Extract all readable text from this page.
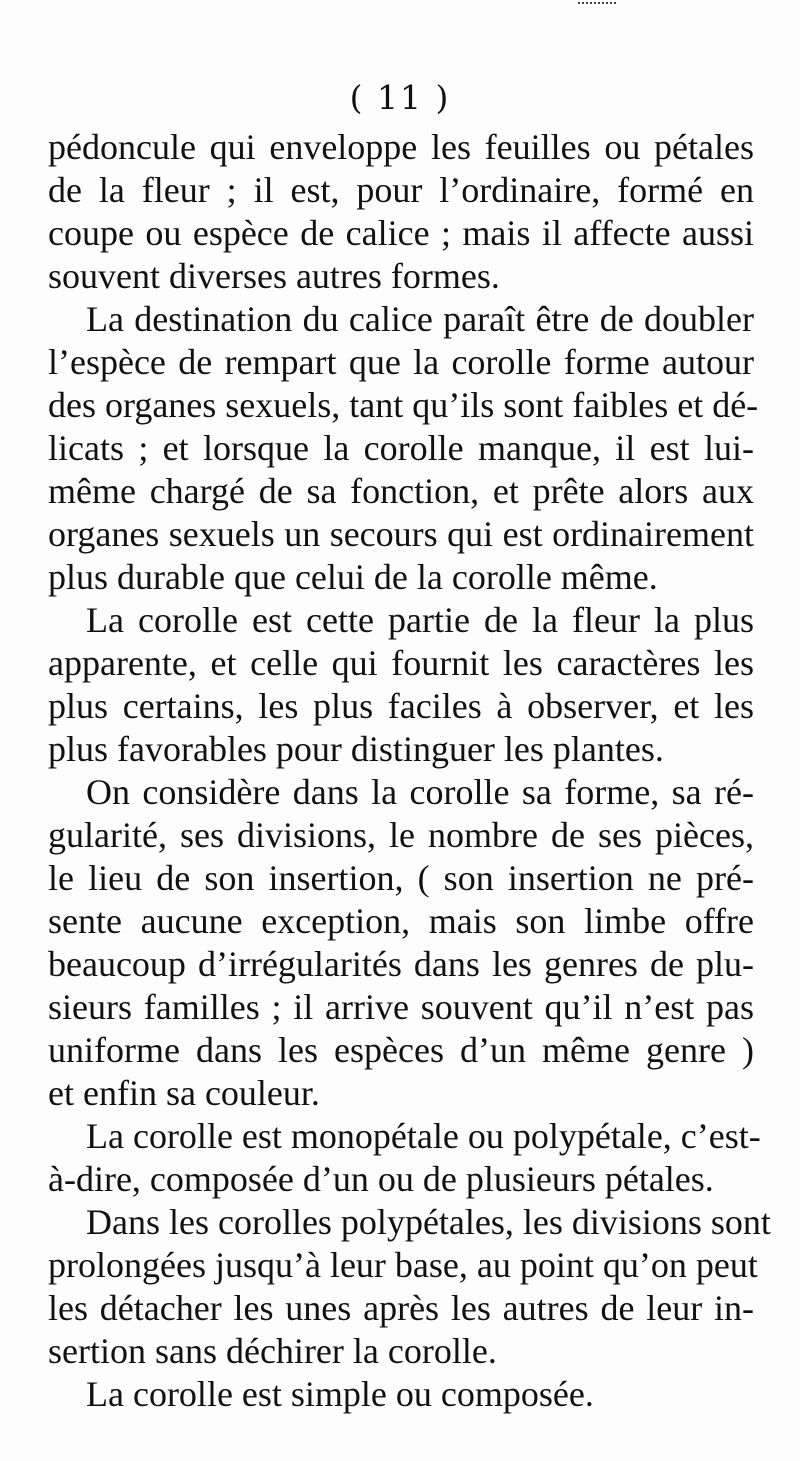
( 11 )

pédoncule qui enveloppe les feuilles ou pétales
de la fleur ; il est, pour l’ordinaire, formé en
coupe ou espèce de calice ; mais il affecte aussi
souvent diverses autres formes.

La destination du calice paraît être de doubler
l’espèce de rempart que la corolle forme autour
des organes sexuels, tant qu’ils sont faibles et dé-
licats ; et lorsque la corolle manque, il est lui-
même chargé de sa fonction, et prête alors aux
organes sexuels un secours qui est ordinairement
plus durable que celui de la corolle même.

La corolle est cette partie de la fleur la plus
apparente, et celle qui fournit les caractères les
plus certains, les plus faciles à observer, et les
plus favorables pour distinguer les plantes.

On considère dans la corolle sa forme, sa ré-
gularité, ses divisions, le nombre de ses pièces,
le lieu de son insertion, ( son insertion ne pré-
sente aucune exception, mais son limbe offre
beaucoup d’irrégularités dans les genres de plu-
sieurs familles ; il arrive souvent qu’il n’est pas
uniforme dans les espèces d’un même genre )
et enfin sa couleur.

La corolle est monopétale ou polypétale, c’est-
à-dire, composée d’un ou de plusieurs pétales.

Dans les corolles polypétales, les divisions sont
prolongées jusqu’à leur base, au point qu’on peut
les détacher les unes après les autres de leur in-
sertion sans déchirer la corolle.

La corolle est simple ou composée.
